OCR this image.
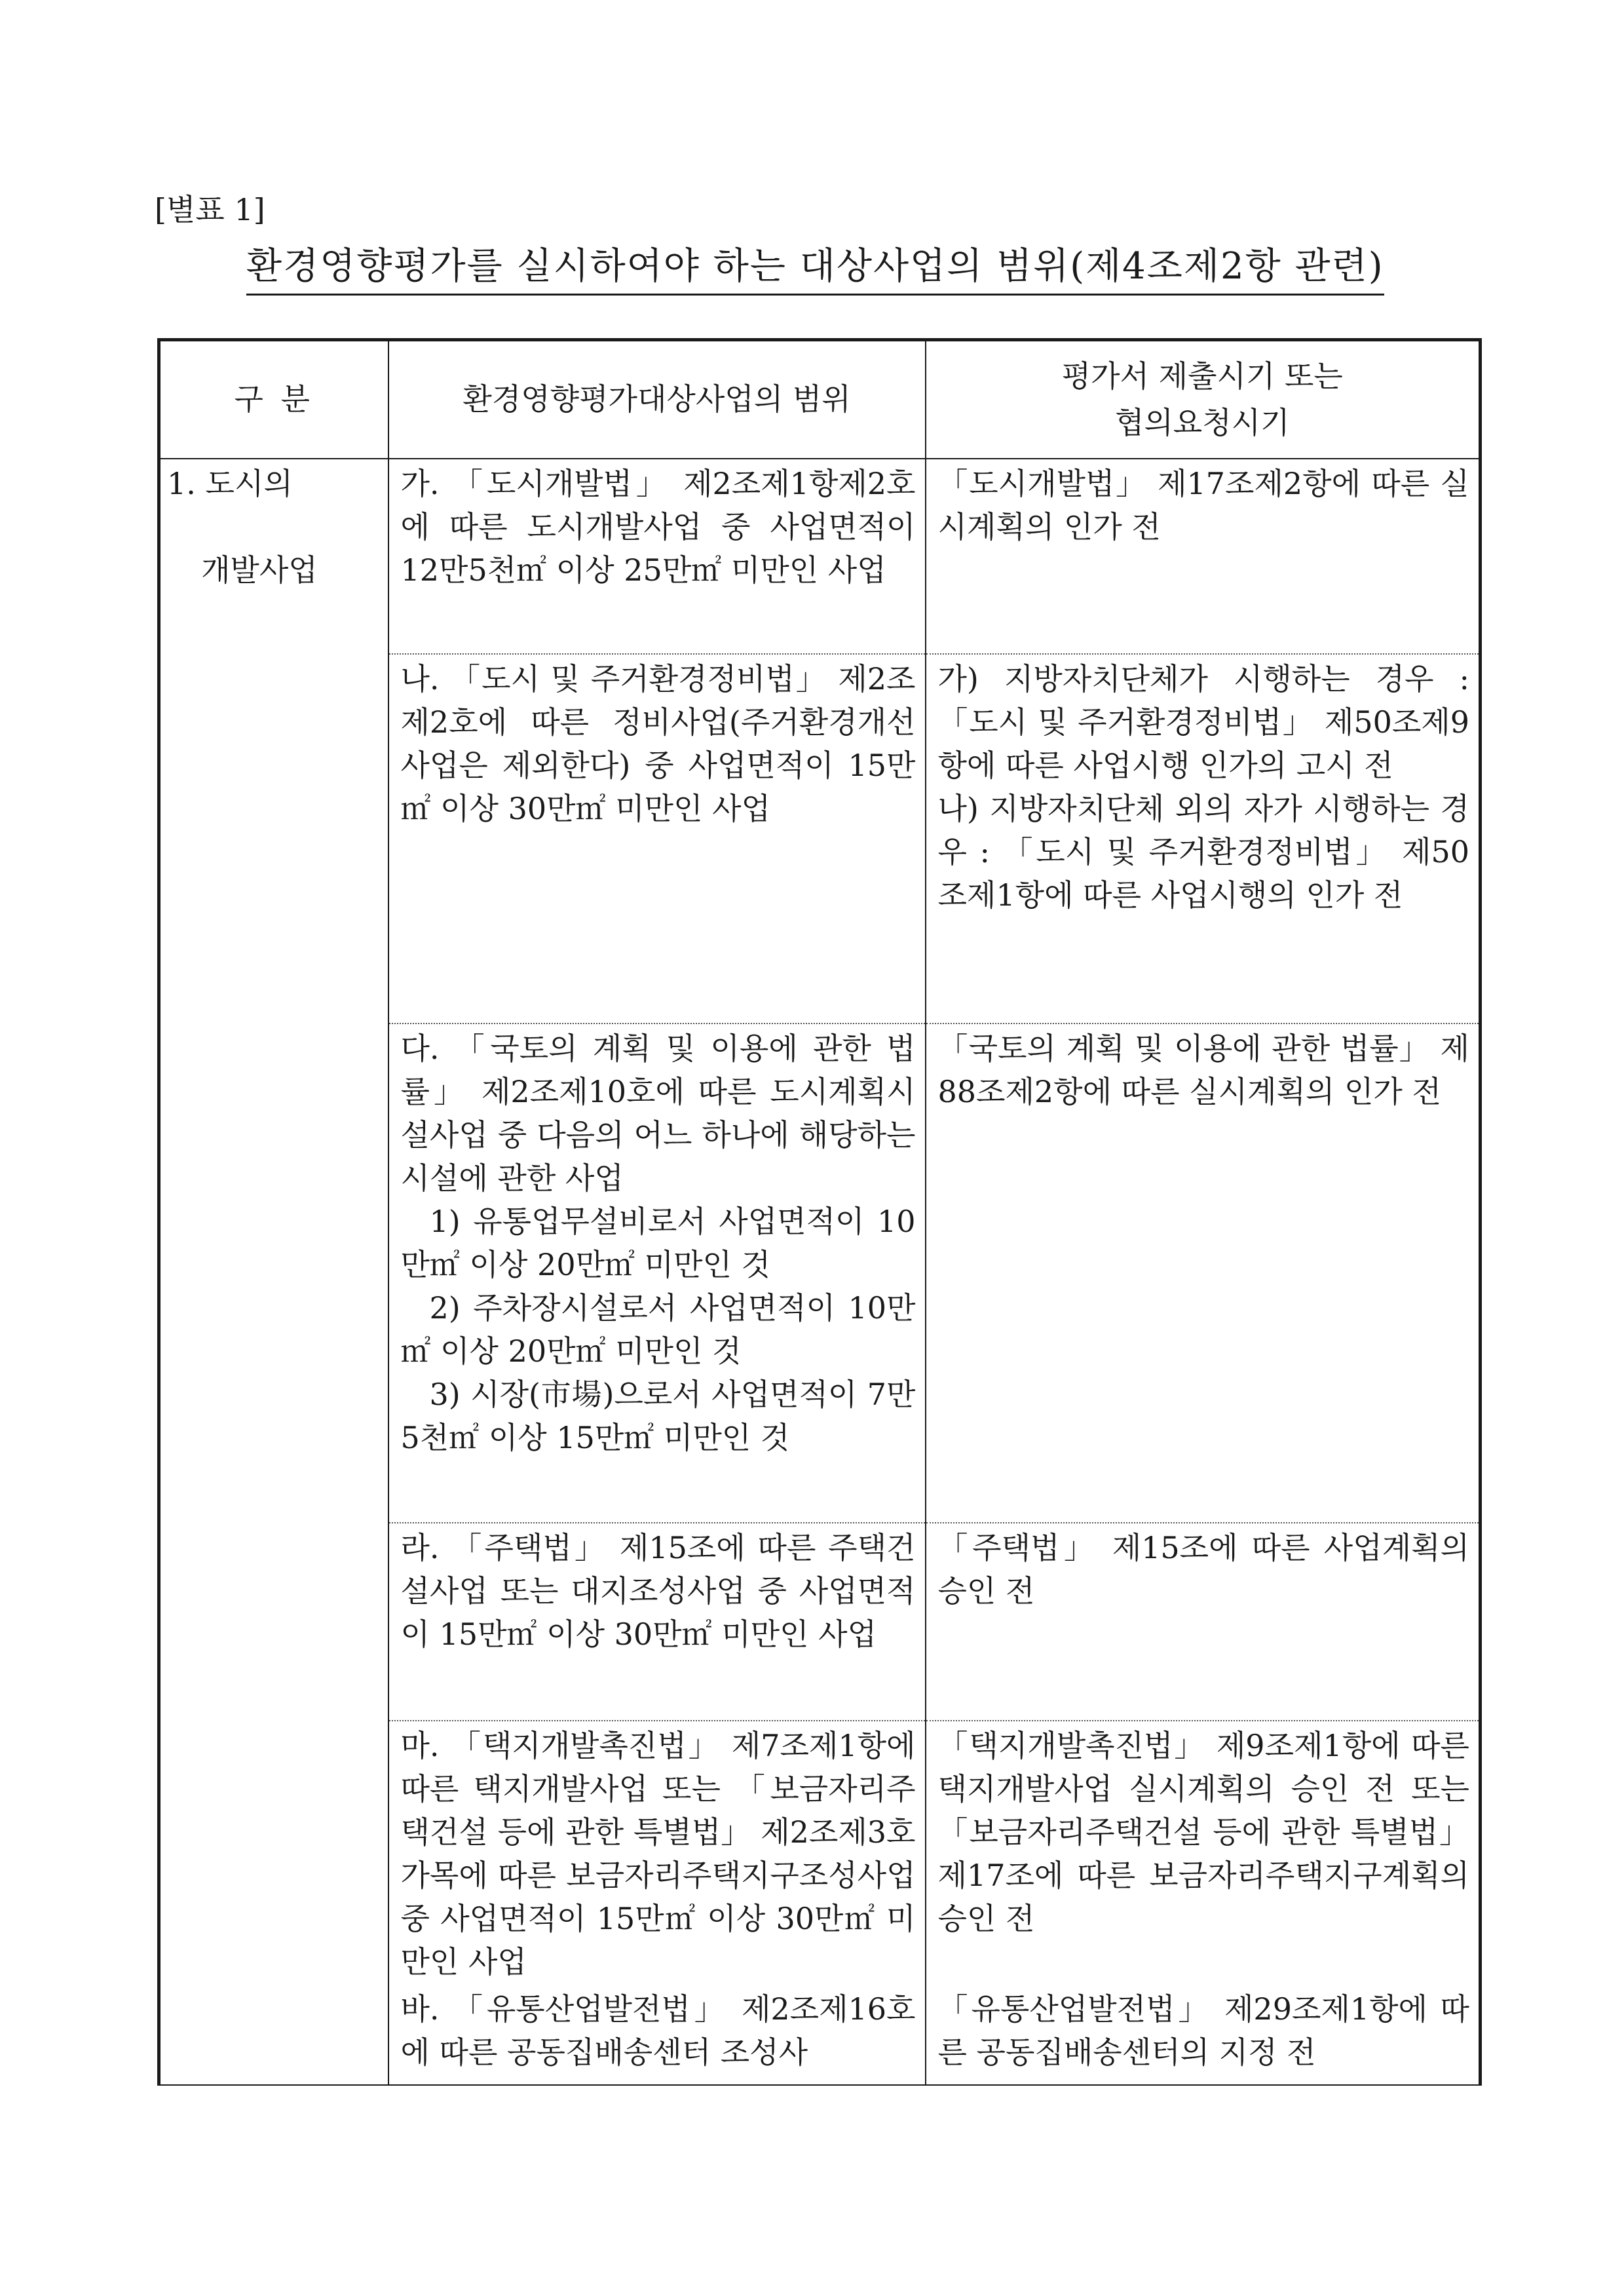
[별표 1]
환경영향평가를 실시하여야 하는 대상사업의 범위(제4조제2항 관련)
구 분	환경영향평가대상사업의 범위	평가서 제출시기 또는
협의요청시기

1. 도시의
개발사업	가. 「도시개발법」 제2조제1항제2호에 따른 도시개발사업 중 사업면적이 12만5천㎡ 이상 25만㎡ 미만인 사업	「도시개발법」 제17조제2항에 따른 실시계획의 인가 전

	나. 「도시 및 주거환경정비법」 제2조제2호에 따른 정비사업(주거환경개선사업은 제외한다) 중 사업면적이 15만㎡ 이상 30만㎡ 미만인 사업	가) 지방자치단체가 시행하는 경우 : 「도시 및 주거환경정비법」 제50조제9항에 따른 사업시행 인가의 고시 전
나) 지방자치단체 외의 자가 시행하는 경우 : 「도시 및 주거환경정비법」 제50조제1항에 따른 사업시행의 인가 전

	다. 「국토의 계획 및 이용에 관한 법률」 제2조제10호에 따른 도시계획시설사업 중 다음의 어느 하나에 해당하는 시설에 관한 사업
1) 유통업무설비로서 사업면적이 10만㎡ 이상 20만㎡ 미만인 것
2) 주차장시설로서 사업면적이 10만㎡ 이상 20만㎡ 미만인 것
3) 시장(市場)으로서 사업면적이 7만5천㎡ 이상 15만㎡ 미만인 것	「국토의 계획 및 이용에 관한 법률」 제88조제2항에 따른 실시계획의 인가 전

	라. 「주택법」 제15조에 따른 주택건설사업 또는 대지조성사업 중 사업면적이 15만㎡ 이상 30만㎡ 미만인 사업	「주택법」 제15조에 따른 사업계획의 승인 전

	마. 「택지개발촉진법」 제7조제1항에 따른 택지개발사업 또는 「보금자리주택건설 등에 관한 특별법」 제2조제3호가목에 따른 보금자리주택지구조성사업 중 사업면적이 15만㎡ 이상 30만㎡ 미만인 사업	「택지개발촉진법」 제9조제1항에 따른 택지개발사업 실시계획의 승인 전 또는 「보금자리주택건설 등에 관한 특별법」 제17조에 따른 보금자리주택지구계획의 승인 전

	바. 「유통산업발전법」 제2조제16호에 따른 공동집배송센터 조성사	「유통산업발전법」 제29조제1항에 따른 공동집배송센터의 지정 전
